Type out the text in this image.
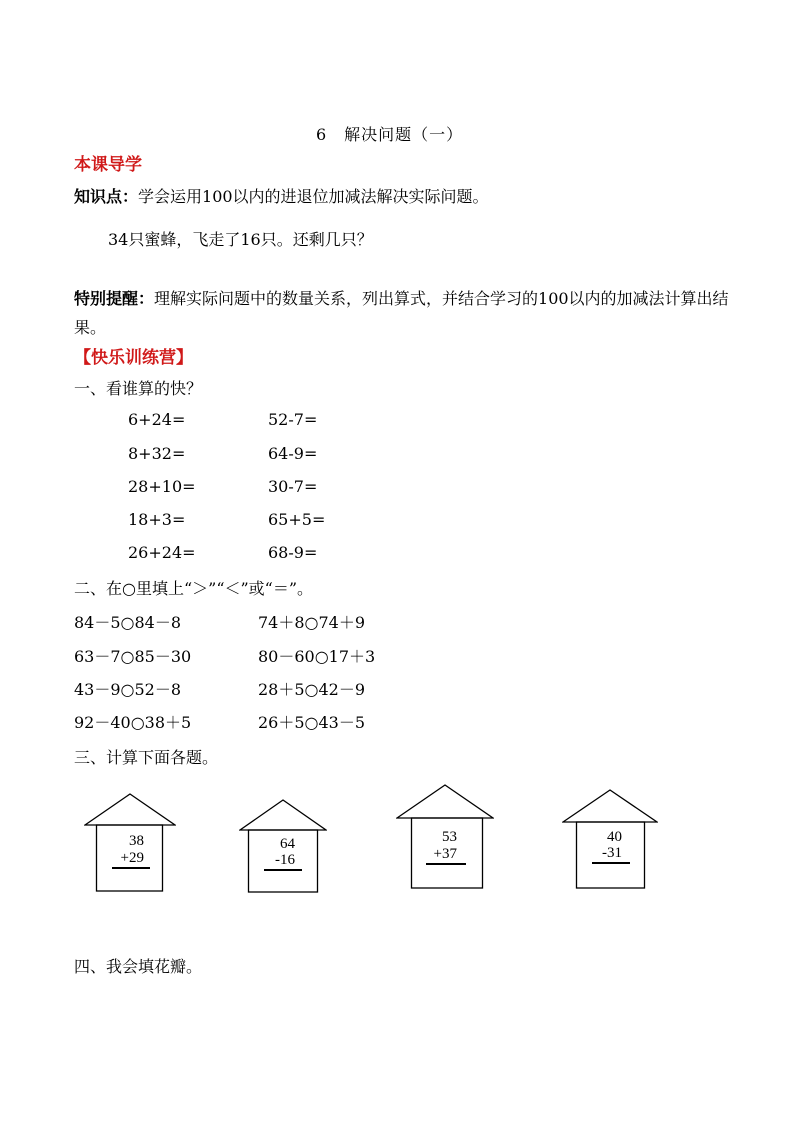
6　解决问题（一）
本课导学
知识点：学会运用100以内的进退位加减法解决实际问题。
34只蜜蜂，飞走了16只。还剩几只？
特别提醒：理解实际问题中的数量关系，列出算式，并结合学习的100以内的加减法计算出结果。
【快乐训练营】
一、看谁算的快？
6+24=
8+32=
28+10=
18+3=
26+24=
52-7=
64-9=
30-7=
65+5=
68-9=
二、在○里填上“＞”“＜”或“＝”。
84－5○84－8
63－7○85－30
43－9○52－8
92－40○38＋5
74＋8○74＋9
80－60○17＋3
28＋5○42－9
26＋5○43－5
三、计算下面各题。
38
+29
64
-16
53
+37
40
-31
四、我会填花瓣。
